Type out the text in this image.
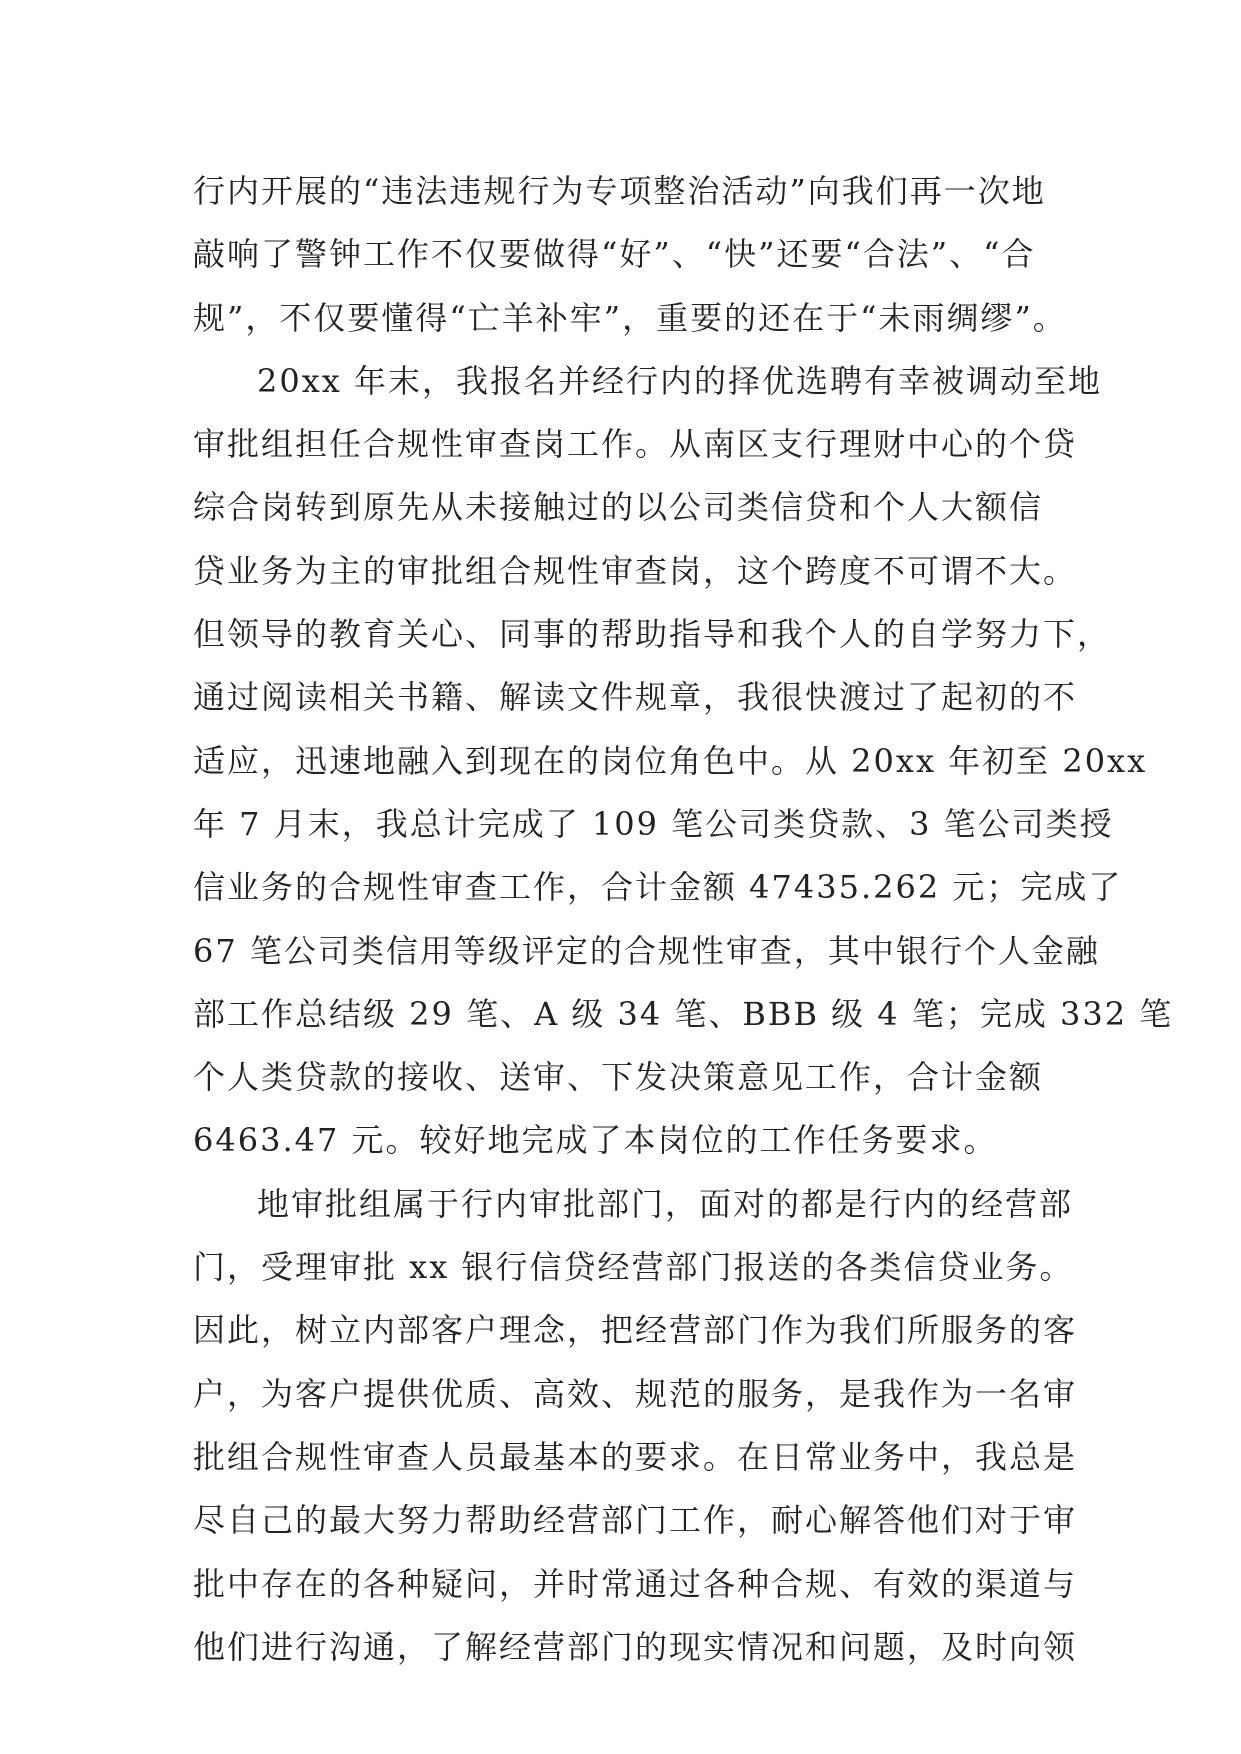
行内开展的“违法违规行为专项整治活动”向我们再一次地
敲响了警钟工作不仅要做得“好”、“快”还要“合法”、“合
规”，不仅要懂得“亡羊补牢”，重要的还在于“未雨绸缪”。
20xx 年末，我报名并经行内的择优选聘有幸被调动至地
审批组担任合规性审查岗工作。从南区支行理财中心的个贷
综合岗转到原先从未接触过的以公司类信贷和个人大额信
贷业务为主的审批组合规性审查岗，这个跨度不可谓不大。
但领导的教育关心、同事的帮助指导和我个人的自学努力下，
通过阅读相关书籍、解读文件规章，我很快渡过了起初的不
适应，迅速地融入到现在的岗位角色中。从 20xx 年初至 20xx
年 7 月末，我总计完成了 109 笔公司类贷款、3 笔公司类授
信业务的合规性审查工作，合计金额 47435.262 元；完成了
67 笔公司类信用等级评定的合规性审查，其中银行个人金融
部工作总结级 29 笔、A 级 34 笔、BBB 级 4 笔；完成 332 笔
个人类贷款的接收、送审、下发决策意见工作，合计金额
6463.47 元。较好地完成了本岗位的工作任务要求。
地审批组属于行内审批部门，面对的都是行内的经营部
门，受理审批 xx 银行信贷经营部门报送的各类信贷业务。
因此，树立内部客户理念，把经营部门作为我们所服务的客
户，为客户提供优质、高效、规范的服务，是我作为一名审
批组合规性审查人员最基本的要求。在日常业务中，我总是
尽自己的最大努力帮助经营部门工作，耐心解答他们对于审
批中存在的各种疑问，并时常通过各种合规、有效的渠道与
他们进行沟通，了解经营部门的现实情况和问题，及时向领
